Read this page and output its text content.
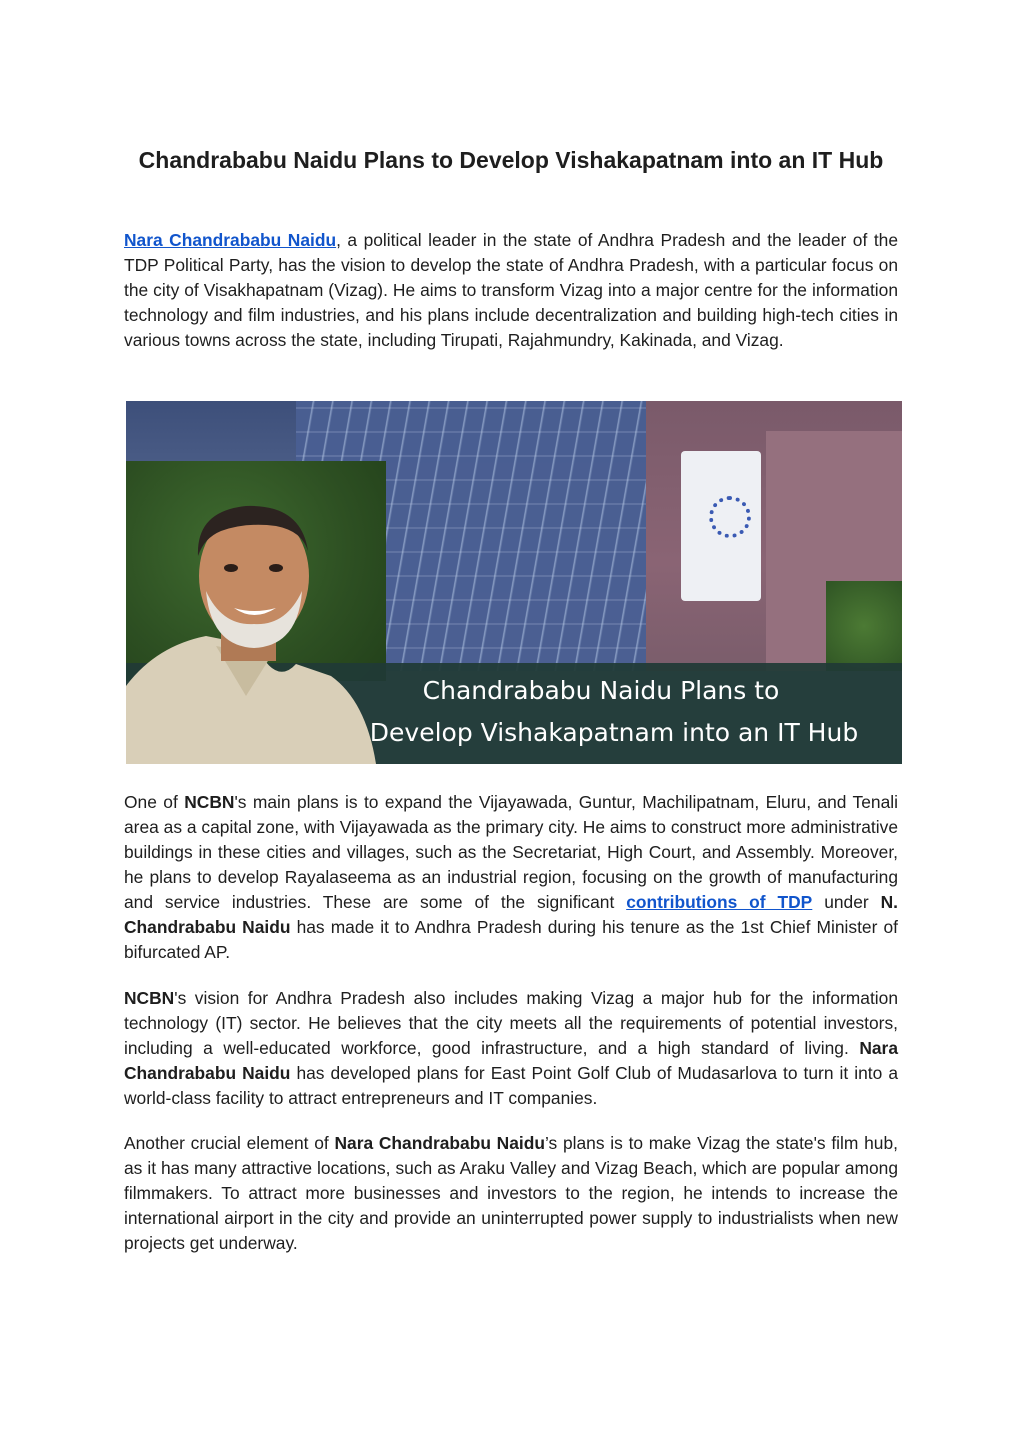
Chandrababu Naidu Plans to Develop Vishakapatnam into an IT Hub

Nara Chandrababu Naidu, a political leader in the state of Andhra Pradesh and the leader of the TDP Political Party, has the vision to develop the state of Andhra Pradesh, with a particular focus on the city of Visakhapatnam (Vizag). He aims to transform Vizag into a major centre for the information technology and film industries, and his plans include decentralization and building high-tech cities in various towns across the state, including Tirupati, Rajahmundry, Kakinada, and Vizag.

Chandrababu Naidu Plans to
Develop Vishakapatnam into an IT Hub

One of NCBN's main plans is to expand the Vijayawada, Guntur, Machilipatnam, Eluru, and Tenali area as a capital zone, with Vijayawada as the primary city. He aims to construct more administrative buildings in these cities and villages, such as the Secretariat, High Court, and Assembly. Moreover, he plans to develop Rayalaseema as an industrial region, focusing on the growth of manufacturing and service industries. These are some of the significant contributions of TDP under N. Chandrababu Naidu has made it to Andhra Pradesh during his tenure as the 1st Chief Minister of bifurcated AP.

NCBN's vision for Andhra Pradesh also includes making Vizag a major hub for the information technology (IT) sector. He believes that the city meets all the requirements of potential investors, including a well-educated workforce, good infrastructure, and a high standard of living. Nara Chandrababu Naidu has developed plans for East Point Golf Club of Mudasarlova to turn it into a world-class facility to attract entrepreneurs and IT companies.

Another crucial element of Nara Chandrababu Naidu’s plans is to make Vizag the state's film hub, as it has many attractive locations, such as Araku Valley and Vizag Beach, which are popular among filmmakers. To attract more businesses and investors to the region, he intends to increase the international airport in the city and provide an uninterrupted power supply to industrialists when new projects get underway.
